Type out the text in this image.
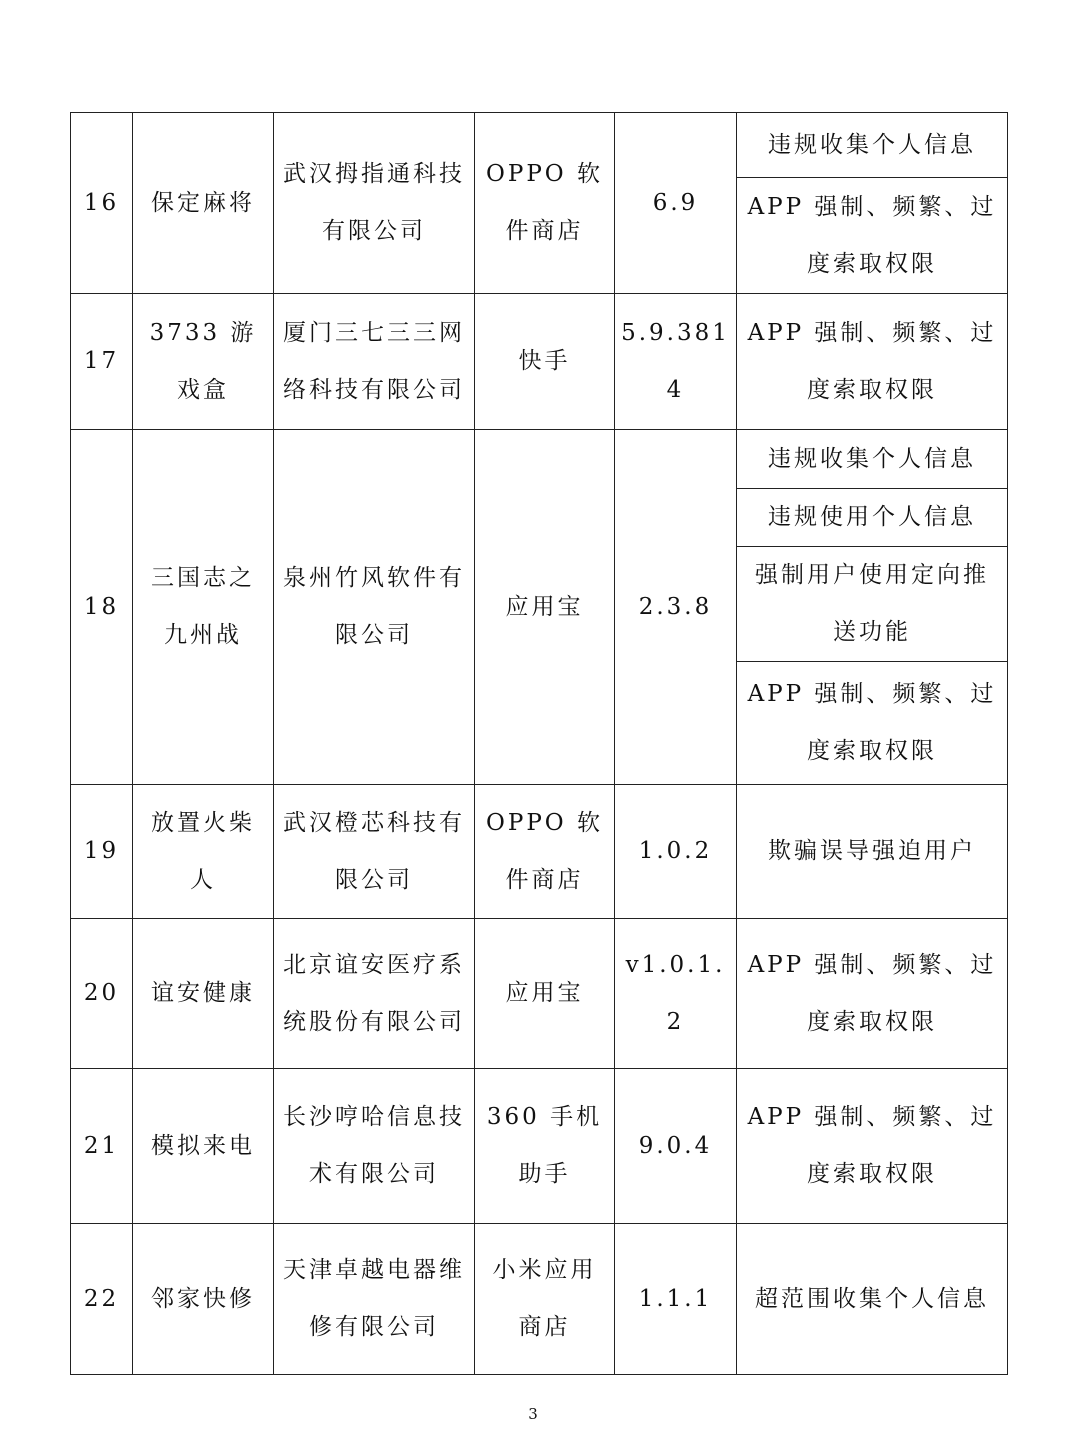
16	保定麻将	武汉拇指通科技有限公司	OPPO 软件商店	6.9	违规收集个人信息
					APP 强制、频繁、过度索取权限
17	3733 游戏盒	厦门三七三三网络科技有限公司	快手	5.9.3814	APP 强制、频繁、过度索取权限
18	三国志之九州战	泉州竹风软件有限公司	应用宝	2.3.8	违规收集个人信息
					违规使用个人信息
					强制用户使用定向推送功能
					APP 强制、频繁、过度索取权限
19	放置火柴人	武汉橙芯科技有限公司	OPPO 软件商店	1.0.2	欺骗误导强迫用户
20	谊安健康	北京谊安医疗系统股份有限公司	应用宝	v1.0.1.2	APP 强制、频繁、过度索取权限
21	模拟来电	长沙哼哈信息技术有限公司	360 手机助手	9.0.4	APP 强制、频繁、过度索取权限
22	邻家快修	天津卓越电器维修有限公司	小米应用商店	1.1.1	超范围收集个人信息
3
